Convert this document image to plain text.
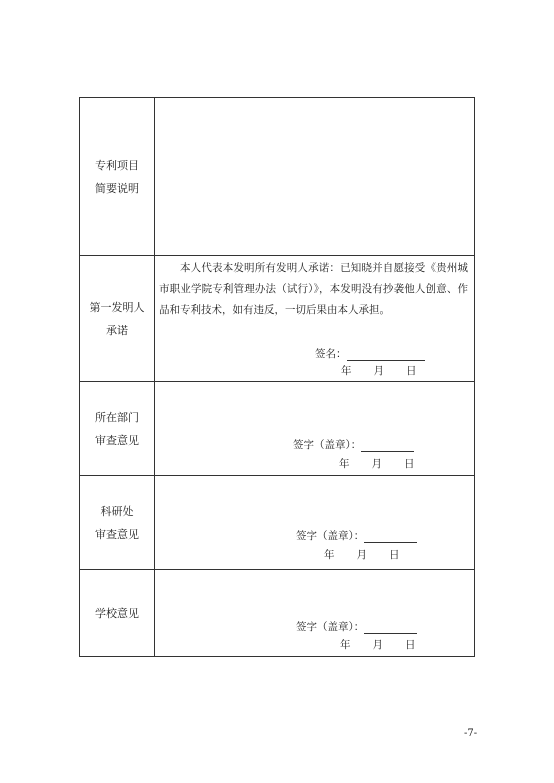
专利项目
简要说明
第一发明人
承诺
本人代表本发明所有发明人承诺：已知晓并自愿接受《贵州城市职业学院专利管理办法（试行）》，本发明没有抄袭他人创意、作品和专利技术，如有违反，一切后果由本人承担。
签名：
年 月 日
所在部门
审查意见	签字（盖章）：
年 月 日
科研处
审查意见	签字（盖章）：
年 月 日
学校意见
签字（盖章）：
年 月 日
-7-
